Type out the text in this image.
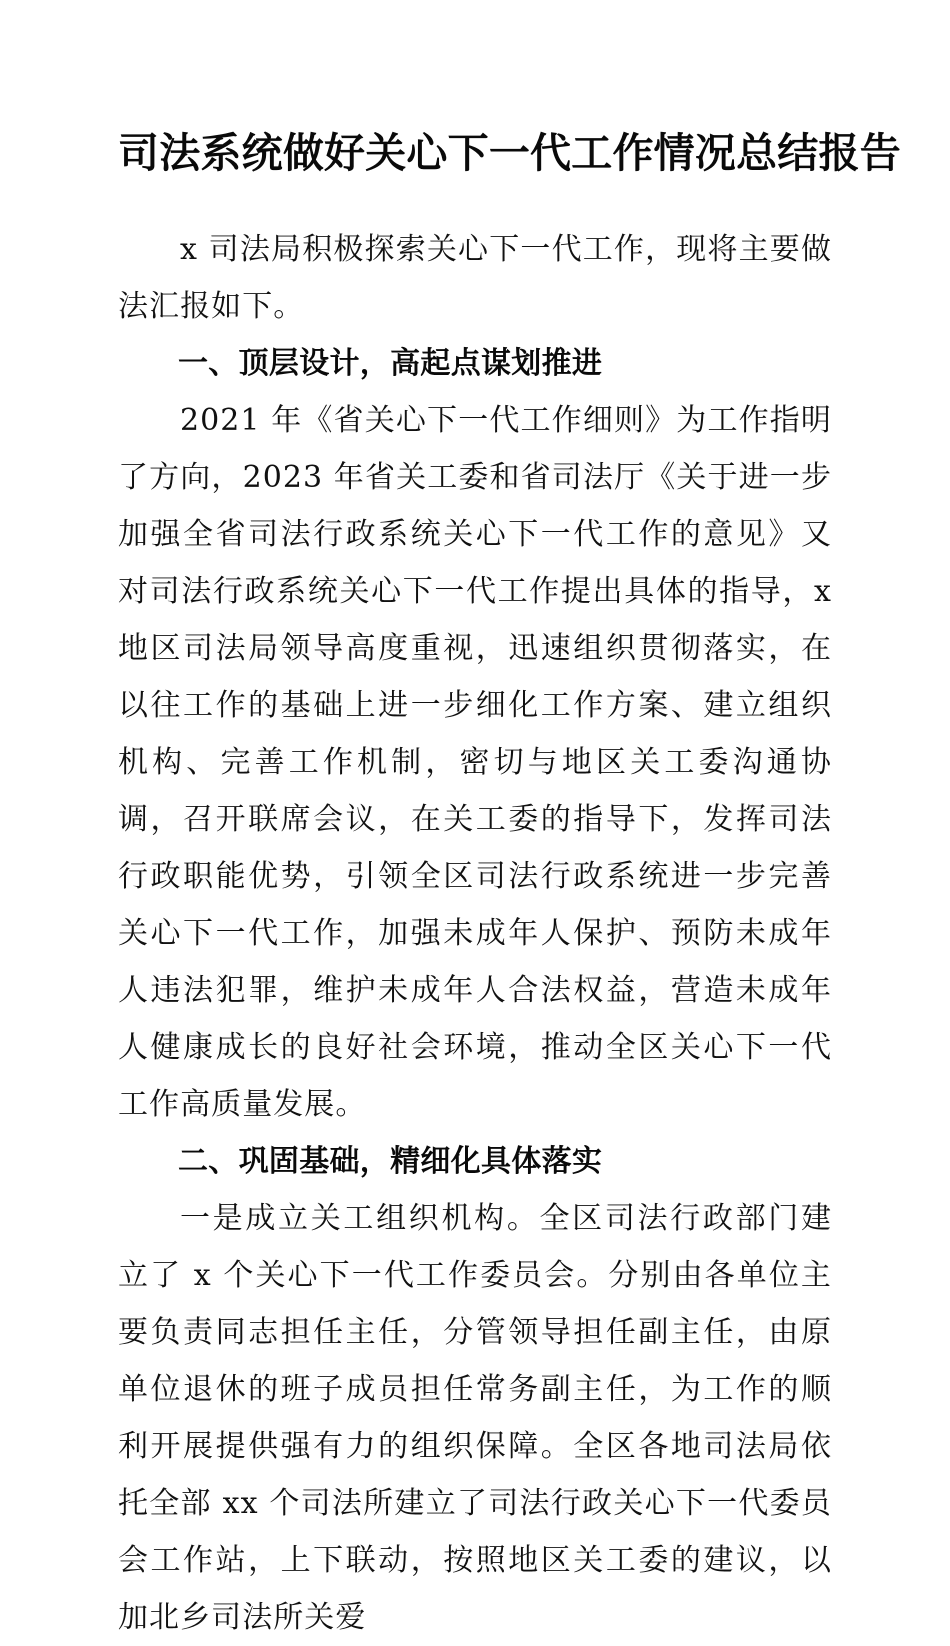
司法系统做好关心下一代工作情况总结报告

x 司法局积极探索关心下一代工作，现将主要做法汇报如下。

一、顶层设计，高起点谋划推进

2021 年《省关心下一代工作细则》为工作指明了方向，2023 年省关工委和省司法厅《关于进一步加强全省司法行政系统关心下一代工作的意见》又对司法行政系统关心下一代工作提出具体的指导，x 地区司法局领导高度重视，迅速组织贯彻落实，在以往工作的基础上进一步细化工作方案、建立组织机构、完善工作机制，密切与地区关工委沟通协调，召开联席会议，在关工委的指导下，发挥司法行政职能优势，引领全区司法行政系统进一步完善关心下一代工作，加强未成年人保护、预防未成年人违法犯罪，维护未成年人合法权益，营造未成年人健康成长的良好社会环境，推动全区关心下一代工作高质量发展。

二、巩固基础，精细化具体落实

一是成立关工组织机构。全区司法行政部门建立了 x 个关心下一代工作委员会。分别由各单位主要负责同志担任主任，分管领导担任副主任，由原单位退休的班子成员担任常务副主任，为工作的顺利开展提供强有力的组织保障。全区各地司法局依托全部 xx 个司法所建立了司法行政关心下一代委员会工作站，上下联动，按照地区关工委的建议，以加北乡司法所关爱
